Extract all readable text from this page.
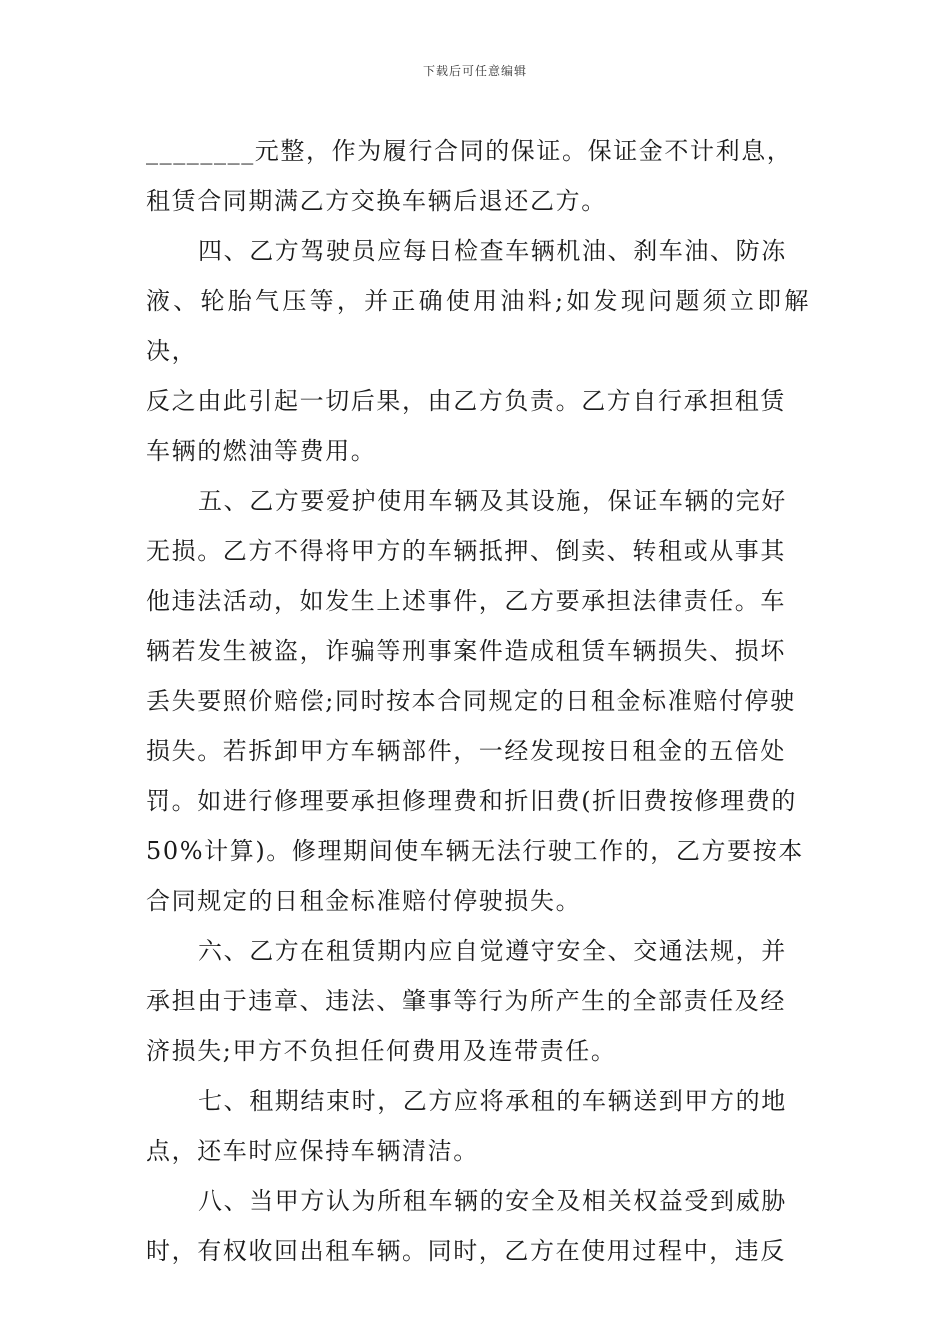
下载后可任意编辑

________元整，作为履行合同的保证。保证金不计利息，
租赁合同期满乙方交换车辆后退还乙方。

四、乙方驾驶员应每日检查车辆机油、刹车油、防冻
液、轮胎气压等，并正确使用油料;如发现问题须立即解决，
反之由此引起一切后果，由乙方负责。乙方自行承担租赁
车辆的燃油等费用。

五、乙方要爱护使用车辆及其设施，保证车辆的完好
无损。乙方不得将甲方的车辆抵押、倒卖、转租或从事其
他违法活动，如发生上述事件，乙方要承担法律责任。车
辆若发生被盗，诈骗等刑事案件造成租赁车辆损失、损坏
丢失要照价赔偿;同时按本合同规定的日租金标准赔付停驶
损失。若拆卸甲方车辆部件，一经发现按日租金的五倍处
罚。如进行修理要承担修理费和折旧费(折旧费按修理费的
50%计算)。修理期间使车辆无法行驶工作的，乙方要按本
合同规定的日租金标准赔付停驶损失。

六、乙方在租赁期内应自觉遵守安全、交通法规，并
承担由于违章、违法、肇事等行为所产生的全部责任及经
济损失;甲方不负担任何费用及连带责任。

七、租期结束时，乙方应将承租的车辆送到甲方的地
点，还车时应保持车辆清洁。

八、当甲方认为所租车辆的安全及相关权益受到威胁
时，有权收回出租车辆。同时，乙方在使用过程中，违反
